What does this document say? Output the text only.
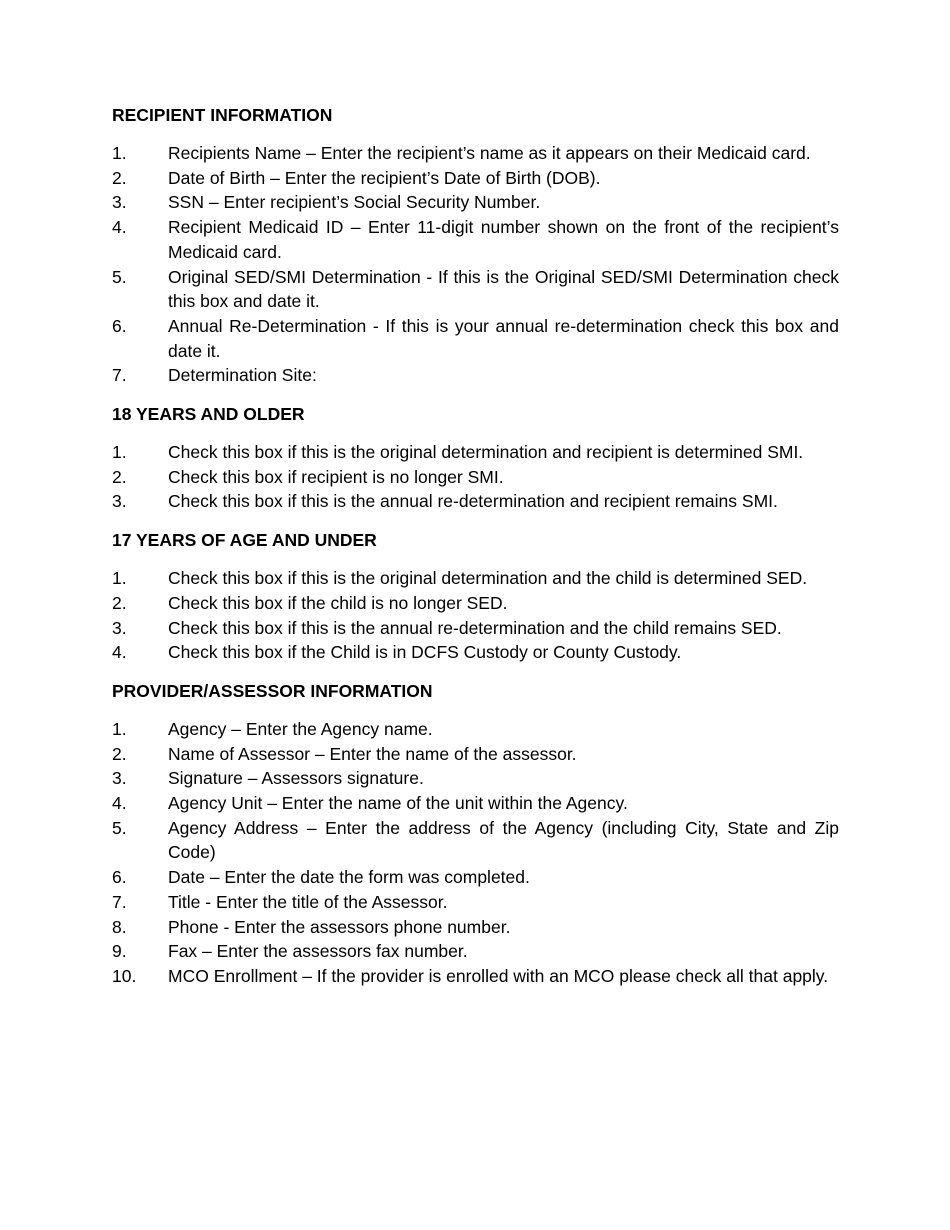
RECIPIENT INFORMATION
1.	Recipients Name – Enter the recipient’s name as it appears on their Medicaid card.
2.	Date of Birth – Enter the recipient’s Date of Birth (DOB).
3.	SSN – Enter recipient’s Social Security Number.
4.	Recipient Medicaid ID – Enter 11-digit number shown on the front of the recipient’s Medicaid card.
5.	Original SED/SMI Determination - If this is the Original SED/SMI Determination check this box and date it.
6.	Annual Re-Determination - If this is your annual re-determination check this box and date it.
7.	Determination Site:
18 YEARS AND OLDER
1.	Check this box if this is the original determination and recipient is determined SMI.
2.	Check this box if recipient is no longer SMI.
3.	Check this box if this is the annual re-determination and recipient remains SMI.
17 YEARS OF AGE AND UNDER
1.	Check this box if this is the original determination and the child is determined SED.
2.	Check this box if the child is no longer SED.
3.	Check this box if this is the annual re-determination and the child remains SED.
4.	Check this box if the Child is in DCFS Custody or County Custody.
PROVIDER/ASSESSOR INFORMATION
1.	Agency – Enter the Agency name.
2.	Name of Assessor – Enter the name of the assessor.
3.	Signature – Assessors signature.
4.	Agency Unit – Enter the name of the unit within the Agency.
5.	Agency Address – Enter the address of the Agency (including City, State and Zip Code)
6.	Date – Enter the date the form was completed.
7.	Title - Enter the title of the Assessor.
8.	Phone - Enter the assessors phone number.
9.	Fax – Enter the assessors fax number.
10.	MCO Enrollment – If the provider is enrolled with an MCO please check all that apply.
